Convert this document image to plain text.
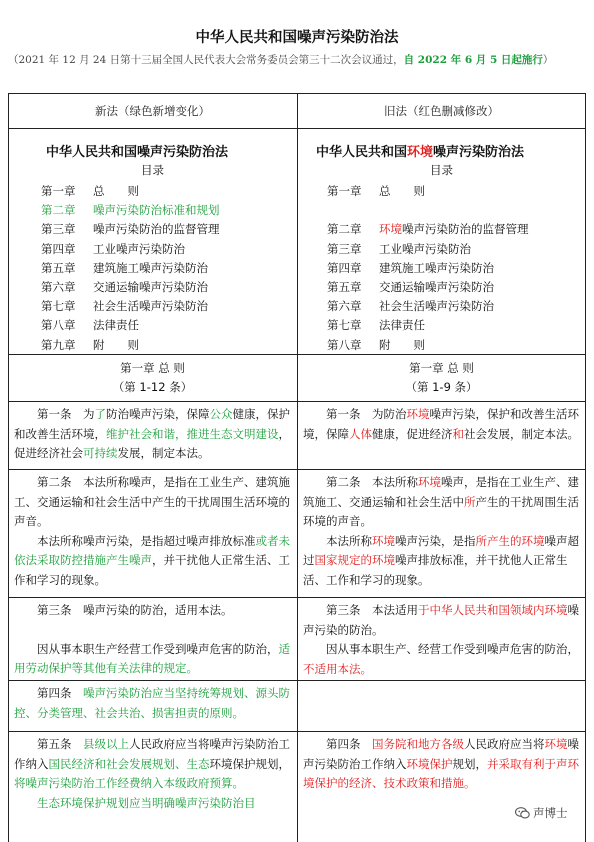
中华人民共和国噪声污染防治法
（2021 年 12 月 24 日第十三届全国人民代表大会常务委员会第三十二次会议通过，自 2022 年 6 月 5 日起施行）
新法（绿色新增变化）	旧法（红色删减修改）
中华人民共和国噪声污染防治法
目录
第一章 总　　则
第二章 噪声污染防治标准和规划
第三章 噪声污染防治的监督管理
第四章 工业噪声污染防治
第五章 建筑施工噪声污染防治
第六章 交通运输噪声污染防治
第七章 社会生活噪声污染防治
第八章 法律责任
第九章 附　　则
中华人民共和国环境噪声污染防治法
目录
第一章 总　　则
第二章 环境噪声污染防治的监督管理
第三章 工业噪声污染防治
第四章 建筑施工噪声污染防治
第五章 交通运输噪声污染防治
第六章 社会生活噪声污染防治
第七章 法律责任
第八章 附　　则
第一章 总 则
（第 1-12 条）
第一章 总 则
（第 1-9 条）

第一条　为了防治噪声污染，保障公众健康，保护和改善生活环境，维护社会和谐，推进生态文明建设，促进经济社会可持续发展，制定本法。

第一条　为防治环境噪声污染，保护和改善生活环境，保障人体健康，促进经济和社会发展，制定本法。

第二条　本法所称噪声，是指在工业生产、建筑施工、交通运输和社会生活中产生的干扰周围生活环境的声音。

本法所称噪声污染，是指超过噪声排放标准或者未依法采取防控措施产生噪声，并干扰他人正常生活、工作和学习的现象。

第二条　本法所称环境噪声，是指在工业生产、建筑施工、交通运输和社会生活中所产生的干扰周围生活环境的声音。

本法所称环境噪声污染，是指所产生的环境噪声超过国家规定的环境噪声排放标准，并干扰他人正常生活、工作和学习的现象。

第三条　噪声污染的防治，适用本法。

因从事本职生产经营工作受到噪声危害的防治，适用劳动保护等其他有关法律的规定。

第三条　本法适用于中华人民共和国领域内环境噪声污染的防治。

因从事本职生产、经营工作受到噪声危害的防治，不适用本法。

第四条　噪声污染防治应当坚持统筹规划、源头防控、分类管理、社会共治、损害担责的原则。

第五条　县级以上人民政府应当将噪声污染防治工作纳入国民经济和社会发展规划、生态环境保护规划，将噪声污染防治工作经费纳入本级政府预算。

生态环境保护规划应当明确噪声污染防治目

第四条　国务院和地方各级人民政府应当将环境噪声污染防治工作纳入环境保护规划，并采取有利于声环境保护的经济、技术政策和措施。

声博士
